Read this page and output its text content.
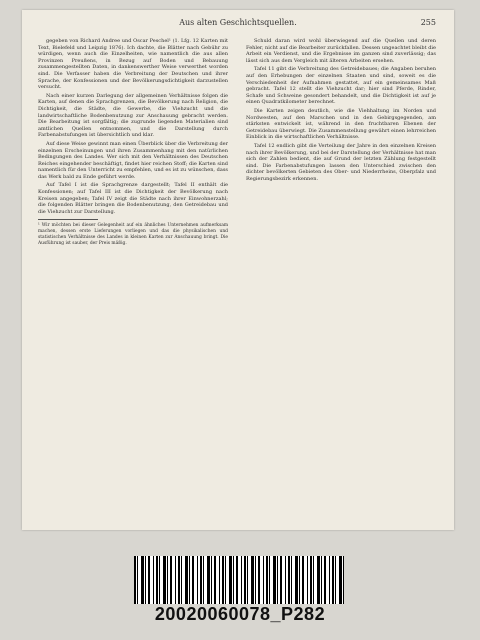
Aus alten Geschichtsquellen.	255

gegeben von Richard Andree und Oscar Peschel¹ (1. Lfg. 12 Karten mit Text, Bielefeld und Leipzig 1876). Ich dachte, die Blätter nach Gebühr zu würdigen, wenn auch die Einzelheiten, wie namentlich die aus allen Provinzen Preußens, in Bezug auf Boden und Bebauung zusammengestellten Daten, in dankenswerther Weise verwerthet worden sind. Die Verfasser haben die Verbreitung der Deutschen und ihrer Sprache, der Konfessionen und der Bevölkerungsdichtigkeit darzustellen versucht.

Nach einer kurzen Darlegung der allgemeinen Verhältnisse folgen die Karten, auf denen die Sprachgrenzen, die Bevölkerung nach Religion, die Dichtigkeit, die Städte, die Gewerbe, die Viehzucht und die landwirtschaftliche Bodenbenutzung zur Anschauung gebracht werden. Die Bearbeitung ist sorgfältig; die zugrunde liegenden Materialien sind amtlichen Quellen entnommen, und die Darstellung durch Farbenabstufungen ist übersichtlich und klar.

Auf diese Weise gewinnt man einen Überblick über die Verbreitung der einzelnen Erscheinungen und ihren Zusammenhang mit den natürlichen Bedingungen des Landes. Wer sich mit den Verhältnissen des Deutschen Reiches eingehender beschäftigt, findet hier reichen Stoff; die Karten sind namentlich für den Unterricht zu empfehlen, und es ist zu wünschen, dass das Werk bald zu Ende geführt werde.

Auf Tafel I ist die Sprachgrenze dargestellt; Tafel II enthält die Konfessionen; auf Tafel III ist die Dichtigkeit der Bevölkerung nach Kreisen angegeben; Tafel IV zeigt die Städte nach ihrer Einwohnerzahl; die folgenden Blätter bringen die Bodenbenutzung, den Getreidebau und die Viehzucht zur Darstellung.

¹ Wir möchten bei dieser Gelegenheit auf ein ähnliches Unternehmen aufmerksam machen, dessen erste Lieferungen vorliegen und das die physikalischen und statistischen Verhältnisse des Landes in kleinen Karten zur Anschauung bringt. Die Ausführung ist sauber, der Preis mäßig.

Schuld daran wird wohl überwiegend auf die Quellen und deren Fehler, nicht auf die Bearbeiter zurückfallen. Dessen ungeachtet bleibt die Arbeit ein Verdienst, und die Ergebnisse im ganzen sind zuverlässig; das lässt sich aus dem Vergleich mit älteren Arbeiten ersehen.

Tafel 11 gibt die Verbreitung des Getreidebaues; die Angaben beruhen auf den Erhebungen der einzelnen Staaten und sind, soweit es die Verschiedenheit der Aufnahmen gestattet, auf ein gemeinsames Maß gebracht. Tafel 12 stellt die Viehzucht dar; hier sind Pferde, Rinder, Schafe und Schweine gesondert behandelt, und die Dichtigkeit ist auf je einen Quadratkilometer berechnet.

Die Karten zeigen deutlich, wie die Viehhaltung im Norden und Nordwesten, auf den Marschen und in den Gebirgsgegenden, am stärksten entwickelt ist, während in den fruchtbaren Ebenen der Getreidebau überwiegt. Die Zusammenstellung gewährt einen lehrreichen Einblick in die wirtschaftlichen Verhältnisse.

Tafel 12 endlich gibt die Verteilung der Jahre in den einzelnen Kreisen nach ihrer Bevölkerung, und bei der Darstellung der Verhältnisse hat man sich der Zahlen bedient, die auf Grund der letzten Zählung festgestellt sind. Die Farbenabstufungen lassen den Unterschied zwischen den dichter bevölkerten Gebieten des Ober- und Niederrheins, Oberpfalz und Regierungsbezirk erkennen.

20020060078_P282
